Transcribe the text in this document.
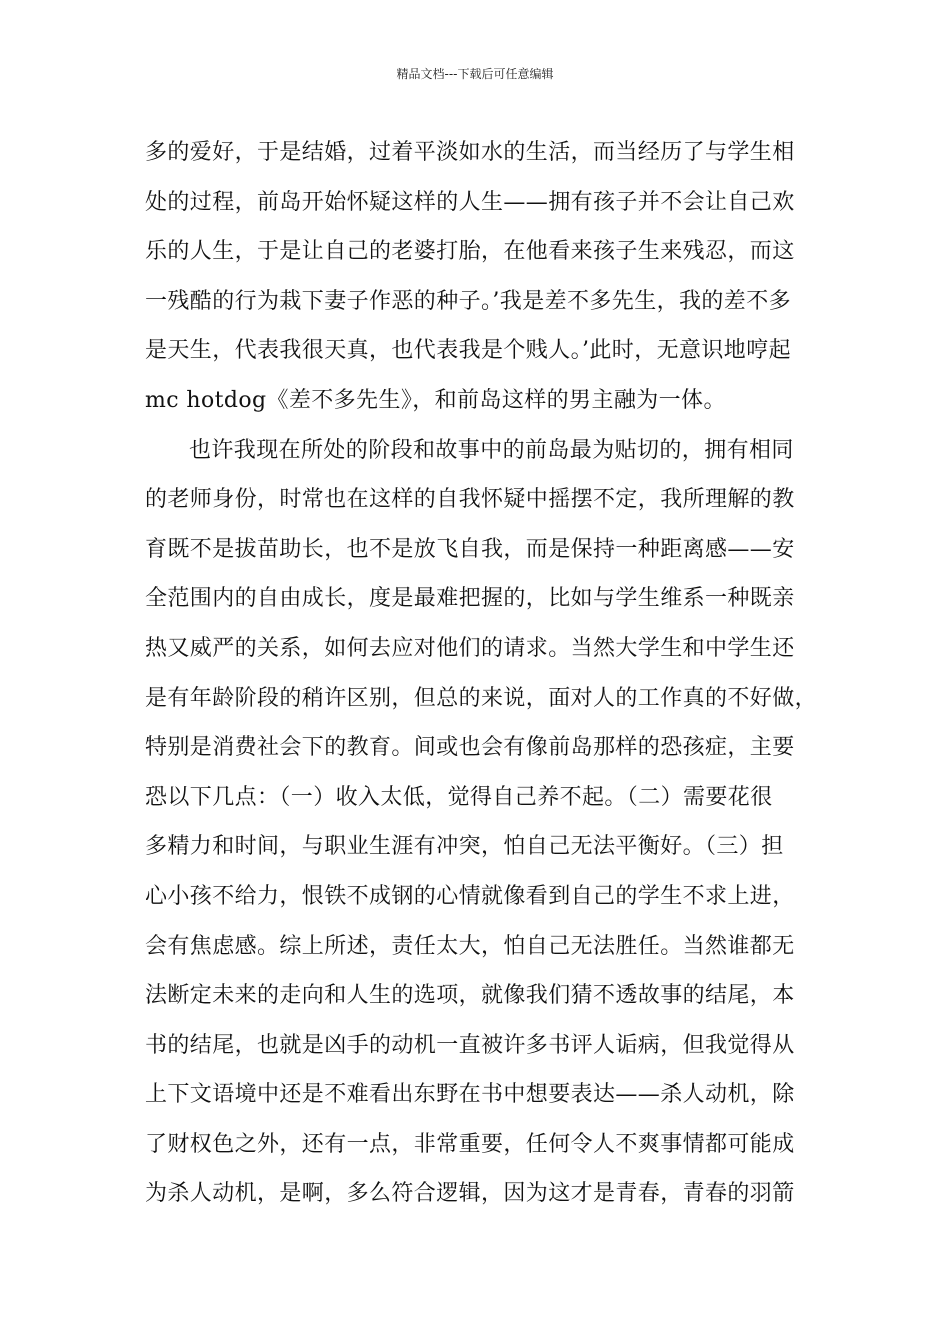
精品文档---下载后可任意编辑
多的爱好，于是结婚，过着平淡如水的生活，而当经历了与学生相
处的过程，前岛开始怀疑这样的人生——拥有孩子并不会让自己欢
乐的人生，于是让自己的老婆打胎，在他看来孩子生来残忍，而这
一残酷的行为栽下妻子作恶的种子。’我是差不多先生，我的差不多
是天生，代表我很天真，也代表我是个贱人。’此时，无意识地哼起
mc hotdog《差不多先生》，和前岛这样的男主融为一体。
也许我现在所处的阶段和故事中的前岛最为贴切的，拥有相同
的老师身份，时常也在这样的自我怀疑中摇摆不定，我所理解的教
育既不是拔苗助长，也不是放飞自我，而是保持一种距离感——安
全范围内的自由成长，度是最难把握的，比如与学生维系一种既亲
热又威严的关系，如何去应对他们的请求。当然大学生和中学生还
是有年龄阶段的稍许区别，但总的来说，面对人的工作真的不好做，
特别是消费社会下的教育。间或也会有像前岛那样的恐孩症，主要
恐以下几点：（一）收入太低，觉得自己养不起。（二）需要花很
多精力和时间，与职业生涯有冲突，怕自己无法平衡好。（三）担
心小孩不给力，恨铁不成钢的心情就像看到自己的学生不求上进，
会有焦虑感。综上所述，责任太大，怕自己无法胜任。当然谁都无
法断定未来的走向和人生的选项，就像我们猜不透故事的结尾，本
书的结尾，也就是凶手的动机一直被许多书评人诟病，但我觉得从
上下文语境中还是不难看出东野在书中想要表达——杀人动机，除
了财权色之外，还有一点，非常重要，任何令人不爽事情都可能成
为杀人动机，是啊，多么符合逻辑，因为这才是青春，青春的羽箭
